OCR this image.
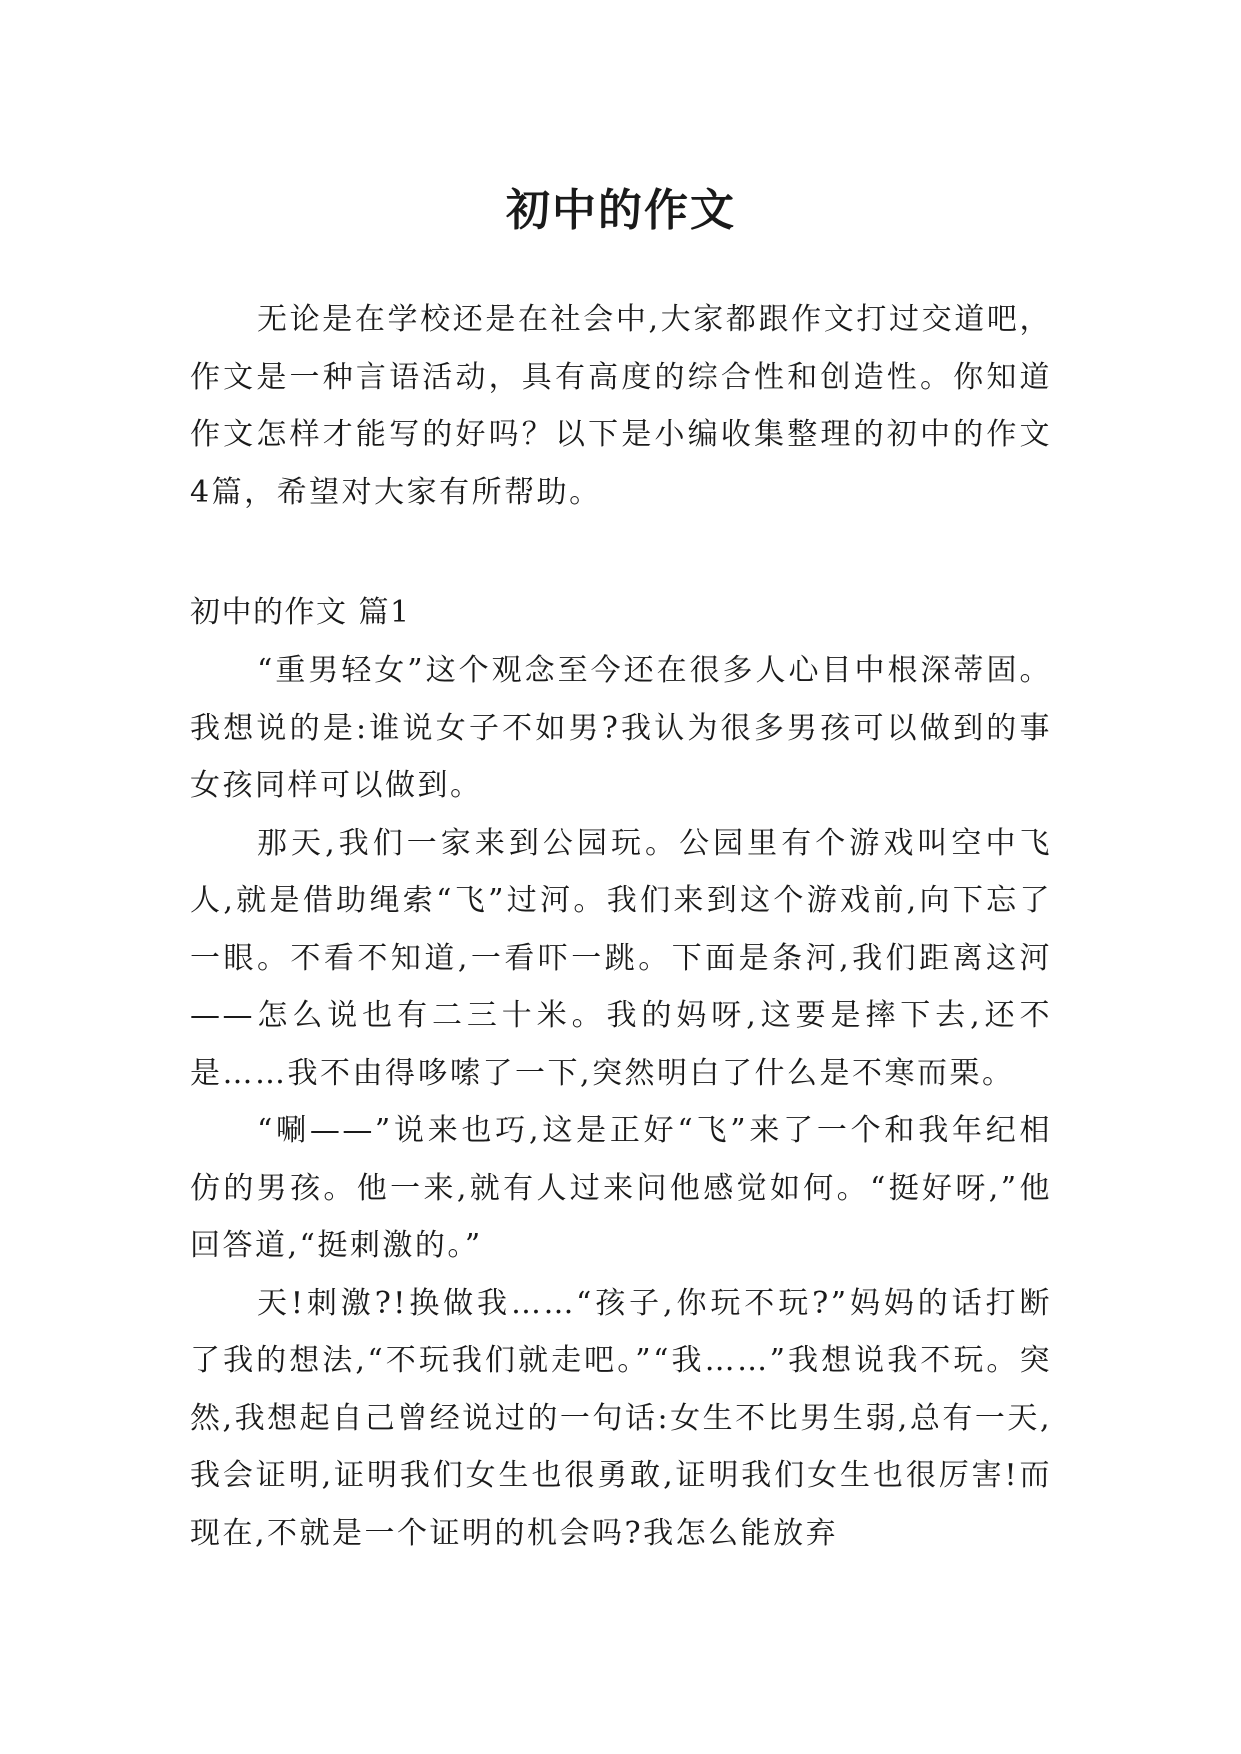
初中的作文

无论是在学校还是在社会中,大家都跟作文打过交道吧，作文是一种言语活动，具有高度的综合性和创造性。你知道作文怎样才能写的好吗？以下是小编收集整理的初中的作文4篇，希望对大家有所帮助。

初中的作文 篇1

“重男轻女”这个观念至今还在很多人心目中根深蒂固。我想说的是:谁说女子不如男?我认为很多男孩可以做到的事女孩同样可以做到。

那天,我们一家来到公园玩。公园里有个游戏叫空中飞人,就是借助绳索“飞”过河。我们来到这个游戏前,向下忘了一眼。不看不知道,一看吓一跳。下面是条河,我们距离这河——怎么说也有二三十米。我的妈呀,这要是摔下去,还不是……我不由得哆嗦了一下,突然明白了什么是不寒而栗。

“唰——”说来也巧,这是正好“飞”来了一个和我年纪相仿的男孩。他一来,就有人过来问他感觉如何。“挺好呀,”他回答道,“挺刺激的。”

天!刺激?!换做我……“孩子,你玩不玩?”妈妈的话打断了我的想法,“不玩我们就走吧。”“我……”我想说我不玩。突然,我想起自己曾经说过的一句话:女生不比男生弱,总有一天,我会证明,证明我们女生也很勇敢,证明我们女生也很厉害!而现在,不就是一个证明的机会吗?我怎么能放弃
